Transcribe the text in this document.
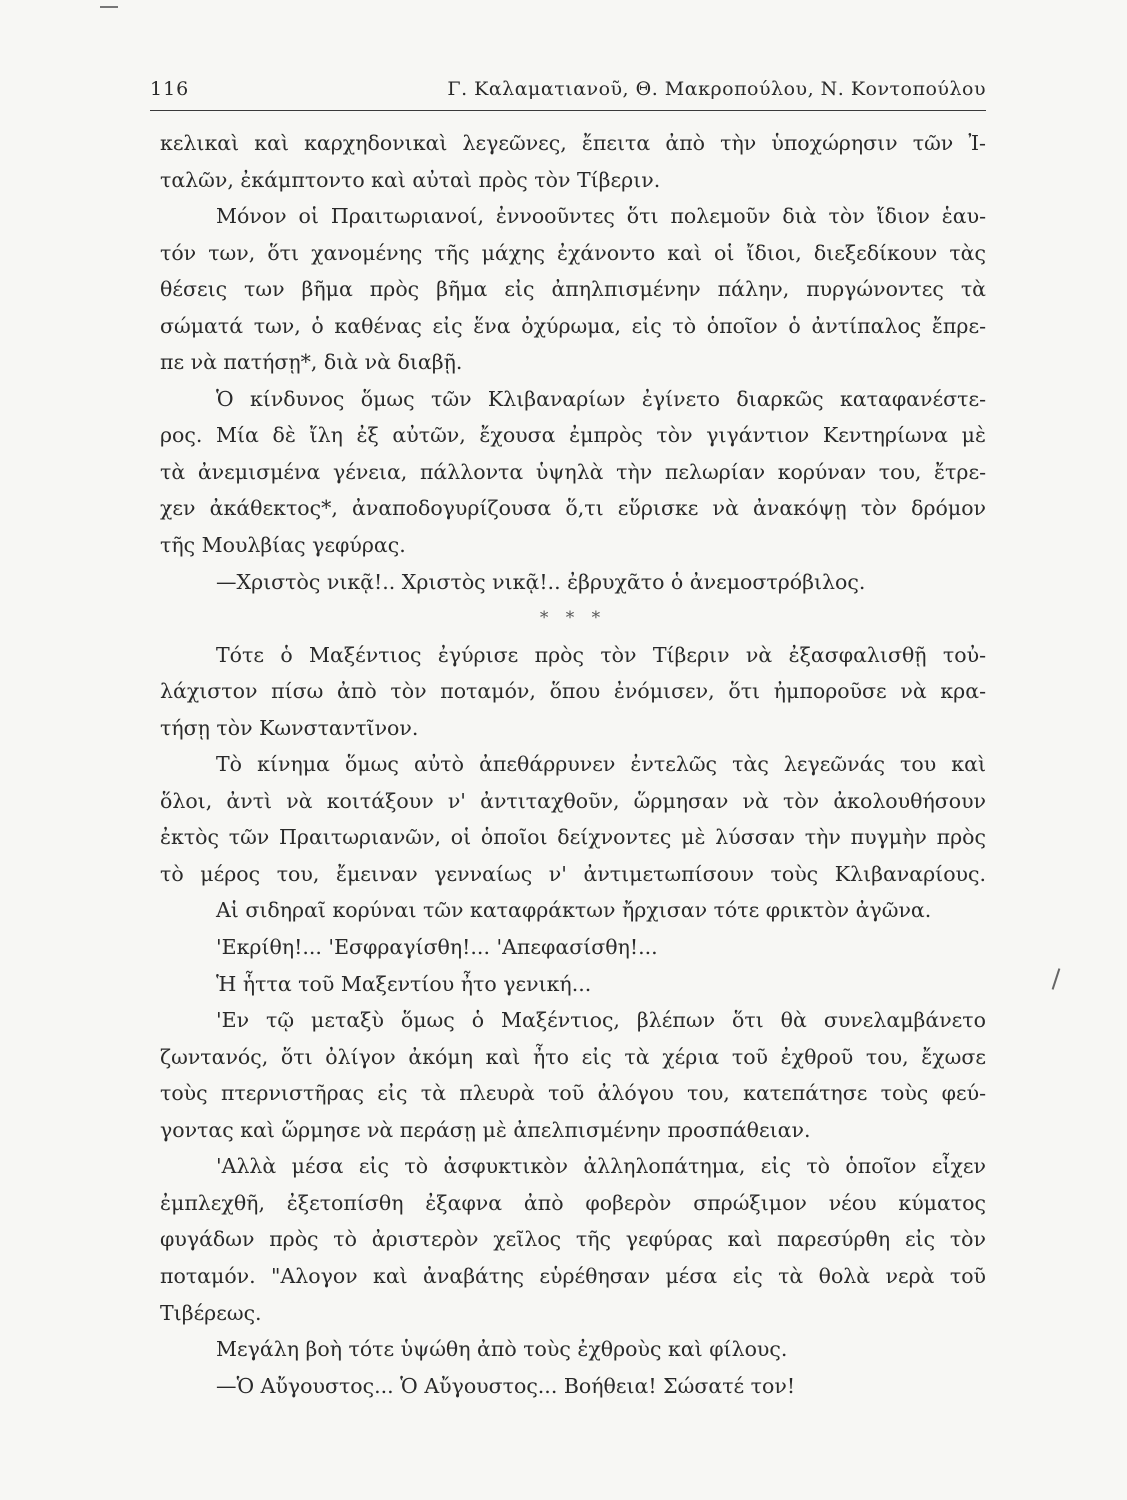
116	Γ. Καλαματιανοῦ, Θ. Μακροπούλου, Ν. Κοντοπούλου
κελικαὶ καὶ καρχηδονικαὶ λεγεῶνες, ἔπειτα ἀπὸ τὴν ὑποχώρησιν τῶν Ἰ-
ταλῶν, ἐκάμπτοντο καὶ αὐταὶ πρὸς τὸν Τίβεριν.
Μόνον οἱ Πραιτωριανοί, ἐννοοῦντες ὅτι πολεμοῦν διὰ τὸν ἴδιον ἑαυ-
τόν των, ὅτι χανομένης τῆς μάχης ἐχάνοντο καὶ οἱ ἴδιοι, διεξεδίκουν τὰς
θέσεις των βῆμα πρὸς βῆμα εἰς ἀπηλπισμένην πάλην, πυργώνοντες τὰ
σώματά των, ὁ καθένας εἰς ἕνα ὀχύρωμα, εἰς τὸ ὁποῖον ὁ ἀντίπαλος ἔπρε-
πε νὰ πατήσῃ*, διὰ νὰ διαβῇ.
Ὁ κίνδυνος ὅμως τῶν Κλιβαναρίων ἐγίνετο διαρκῶς καταφανέστε-
ρος. Μία δὲ ἴλη ἐξ αὐτῶν, ἔχουσα ἐμπρὸς τὸν γιγάντιον Κεντηρίωνα μὲ
τὰ ἀνεμισμένα γένεια, πάλλοντα ὑψηλὰ τὴν πελωρίαν κορύναν του, ἔτρε-
χεν ἀκάθεκτος*, ἀναποδογυρίζουσα ὅ,τι εὕρισκε νὰ ἀνακόψῃ τὸν δρόμον
τῆς Μουλβίας γεφύρας.
—Χριστὸς νικᾷ!.. Χριστὸς νικᾷ!.. ἐβρυχᾶτο ὁ ἀνεμοστρόβιλος.
* * *
Τότε ὁ Μαξέντιος ἐγύρισε πρὸς τὸν Τίβεριν νὰ ἐξασφαλισθῇ τοὐ-
λάχιστον πίσω ἀπὸ τὸν ποταμόν, ὅπου ἐνόμισεν, ὅτι ἠμποροῦσε νὰ κρα-
τήσῃ τὸν Κωνσταντῖνον.
Τὸ κίνημα ὅμως αὐτὸ ἀπεθάρρυνεν ἐντελῶς τὰς λεγεῶνάς του καὶ
ὅλοι, ἀντὶ νὰ κοιτάξουν ν' ἀντιταχθοῦν, ὥρμησαν νὰ τὸν ἀκολουθήσουν
ἐκτὸς τῶν Πραιτωριανῶν, οἱ ὁποῖοι δείχνοντες μὲ λύσσαν τὴν πυγμὴν πρὸς
τὸ μέρος του, ἔμειναν γενναίως ν' ἀντιμετωπίσουν τοὺς Κλιβαναρίους.
Αἱ σιδηραῖ κορύναι τῶν καταφράκτων ἤρχισαν τότε φρικτὸν ἀγῶνα.
'Εκρίθη!... 'Εσφραγίσθη!... 'Απεφασίσθη!...
Ἡ ἧττα τοῦ Μαξεντίου ἦτο γενική...
'Εν τῷ μεταξὺ ὅμως ὁ Μαξέντιος, βλέπων ὅτι θὰ συνελαμβάνετο
ζωντανός, ὅτι ὀλίγον ἀκόμη καὶ ἦτο εἰς τὰ χέρια τοῦ ἐχθροῦ του, ἔχωσε
τοὺς πτερνιστῆρας εἰς τὰ πλευρὰ τοῦ ἀλόγου του, κατεπάτησε τοὺς φεύ-
γοντας καὶ ὥρμησε νὰ περάσῃ μὲ ἀπελπισμένην προσπάθειαν.
'Αλλὰ μέσα εἰς τὸ ἀσφυκτικὸν ἀλληλοπάτημα, εἰς τὸ ὁποῖον εἶχεν
ἐμπλεχθῆ, ἐξετοπίσθη ἐξαφνα ἀπὸ φοβερὸν σπρώξιμον νέου κύματος
φυγάδων πρὸς τὸ ἀριστερὸν χεῖλος τῆς γεφύρας καὶ παρεσύρθη εἰς τὸν
ποταμόν. "Αλογον καὶ ἀναβάτης εὑρέθησαν μέσα εἰς τὰ θολὰ νερὰ τοῦ
Τιβέρεως.
Μεγάλη βοὴ τότε ὑψώθη ἀπὸ τοὺς ἐχθροὺς καὶ φίλους.
—Ὁ Αὔγουστος... Ὁ Αὔγουστος... Βοήθεια! Σώσατέ τον!
